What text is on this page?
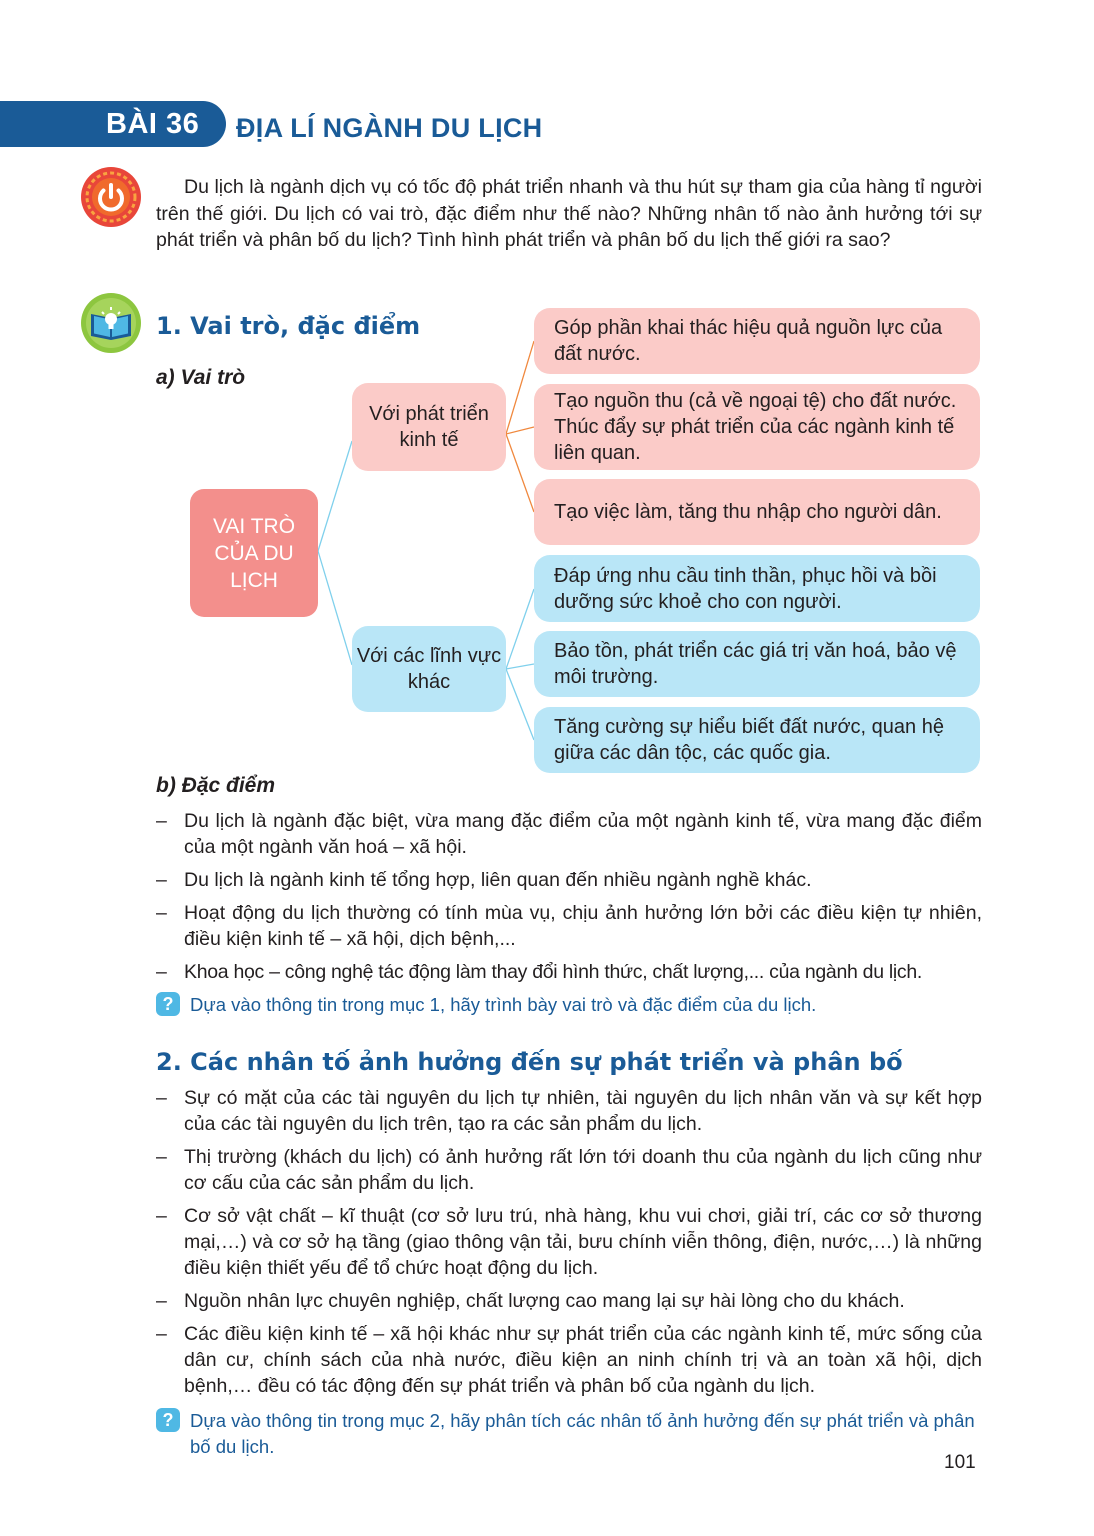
BÀI 36 ĐỊA LÍ NGÀNH DU LỊCH
Du lịch là ngành dịch vụ có tốc độ phát triển nhanh và thu hút sự tham gia của hàng tỉ người trên thế giới. Du lịch có vai trò, đặc điểm như thế nào? Những nhân tố nào ảnh hưởng tới sự phát triển và phân bố du lịch? Tình hình phát triển và phân bố du lịch thế giới ra sao?
1. Vai trò, đặc điểm
a) Vai trò
VAI TRÒ CỦA DU LỊCH
Với phát triển kinh tế
Với các lĩnh vực khác
Góp phần khai thác hiệu quả nguồn lực của đất nước.
Tạo nguồn thu (cả về ngoại tệ) cho đất nước. Thúc đẩy sự phát triển của các ngành kinh tế liên quan.
Tạo việc làm, tăng thu nhập cho người dân.
Đáp ứng nhu cầu tinh thần, phục hồi và bồi dưỡng sức khoẻ cho con người.
Bảo tồn, phát triển các giá trị văn hoá, bảo vệ môi trường.
Tăng cường sự hiểu biết đất nước, quan hệ giữa các dân tộc, các quốc gia.
b) Đặc điểm
– Du lịch là ngành đặc biệt, vừa mang đặc điểm của một ngành kinh tế, vừa mang đặc điểm của một ngành văn hoá – xã hội.
– Du lịch là ngành kinh tế tổng hợp, liên quan đến nhiều ngành nghề khác.
– Hoạt động du lịch thường có tính mùa vụ, chịu ảnh hưởng lớn bởi các điều kiện tự nhiên, điều kiện kinh tế – xã hội, dịch bệnh,...
– Khoa học – công nghệ tác động làm thay đổi hình thức, chất lượng,... của ngành du lịch.
? Dựa vào thông tin trong mục 1, hãy trình bày vai trò và đặc điểm của du lịch.
2. Các nhân tố ảnh hưởng đến sự phát triển và phân bố
– Sự có mặt của các tài nguyên du lịch tự nhiên, tài nguyên du lịch nhân văn và sự kết hợp của các tài nguyên du lịch trên, tạo ra các sản phẩm du lịch.
– Thị trường (khách du lịch) có ảnh hưởng rất lớn tới doanh thu của ngành du lịch cũng như cơ cấu của các sản phẩm du lịch.
– Cơ sở vật chất – kĩ thuật (cơ sở lưu trú, nhà hàng, khu vui chơi, giải trí, các cơ sở thương mại,…) và cơ sở hạ tầng (giao thông vận tải, bưu chính viễn thông, điện, nước,…) là những điều kiện thiết yếu để tổ chức hoạt động du lịch.
– Nguồn nhân lực chuyên nghiệp, chất lượng cao mang lại sự hài lòng cho du khách.
– Các điều kiện kinh tế – xã hội khác như sự phát triển của các ngành kinh tế, mức sống của dân cư, chính sách của nhà nước, điều kiện an ninh chính trị và an toàn xã hội, dịch bệnh,… đều có tác động đến sự phát triển và phân bố của ngành du lịch.
? Dựa vào thông tin trong mục 2, hãy phân tích các nhân tố ảnh hưởng đến sự phát triển và phân bố du lịch.
101
